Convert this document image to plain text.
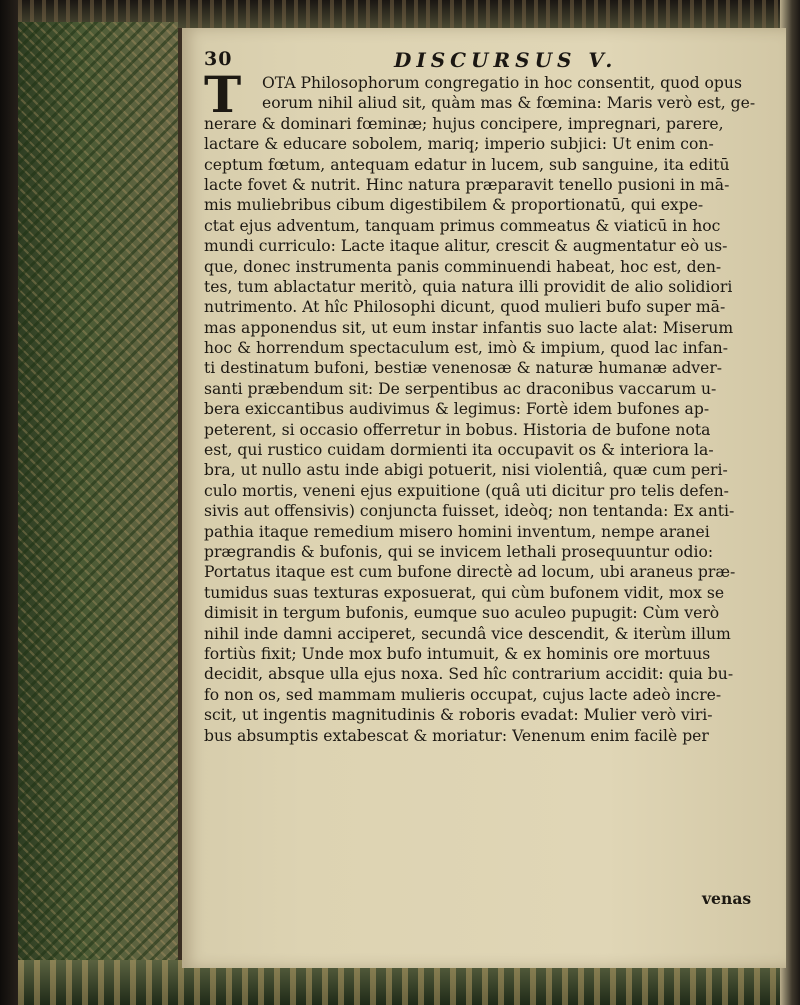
30	DISCURSUS V.
T	OTA Philosophorum congregatio in hoc consentit, quod opus
eorum nihil aliud sit, quàm mas & fœmina: Maris verò est, ge-
nerare & dominari fœminæ; hujus concipere, impregnari, parere,
lactare & educare sobolem, mariq; imperio subjici: Ut enim con-
ceptum fœtum, antequam edatur in lucem, sub sanguine, ita editū
lacte fovet & nutrit. Hinc natura præparavit tenello pusioni in mā-
mis muliebribus cibum digestibilem & proportionatū, qui expe-
ctat ejus adventum, tanquam primus commeatus & viaticū in hoc
mundi curriculo: Lacte itaque alitur, crescit & augmentatur eò us-
que, donec instrumenta panis comminuendi habeat, hoc est, den-
tes, tum ablactatur meritò, quia natura illi providit de alio solidiori
nutrimento. At hîc Philosophi dicunt, quod mulieri bufo super mā-
mas apponendus sit, ut eum instar infantis suo lacte alat: Miserum
hoc & horrendum spectaculum est, imò & impium, quod lac infan-
ti destinatum bufoni, bestiæ venenosæ & naturæ humanæ adver-
santi præbendum sit: De serpentibus ac draconibus vaccarum u-
bera exiccantibus audivimus & legimus: Fortè idem bufones ap-
peterent, si occasio offerretur in bobus. Historia de bufone nota
est, qui rustico cuidam dormienti ita occupavit os & interiora la-
bra, ut nullo astu inde abigi potuerit, nisi violentiâ, quæ cum peri-
culo mortis, veneni ejus expuitione (quâ uti dicitur pro telis defen-
sivis aut offensivis) conjuncta fuisset, ideòq; non tentanda: Ex anti-
pathia itaque remedium misero homini inventum, nempe aranei
prægrandis & bufonis, qui se invicem lethali prosequuntur odio:
Portatus itaque est cum bufone directè ad locum, ubi araneus præ-
tumidus suas texturas exposuerat, qui cùm bufonem vidit, mox se
dimisit in tergum bufonis, eumque suo aculeo pupugit: Cùm verò
nihil inde damni acciperet, secundâ vice descendit, & iterùm illum
fortiùs fixit; Unde mox bufo intumuit, & ex hominis ore mortuus
decidit, absque ulla ejus noxa. Sed hîc contrarium accidit: quia bu-
fo non os, sed mammam mulieris occupat, cujus lacte adeò incre-
scit, ut ingentis magnitudinis & roboris evadat: Mulier verò viri-
bus absumptis extabescat & moriatur: Venenum enim facilè per
venas
